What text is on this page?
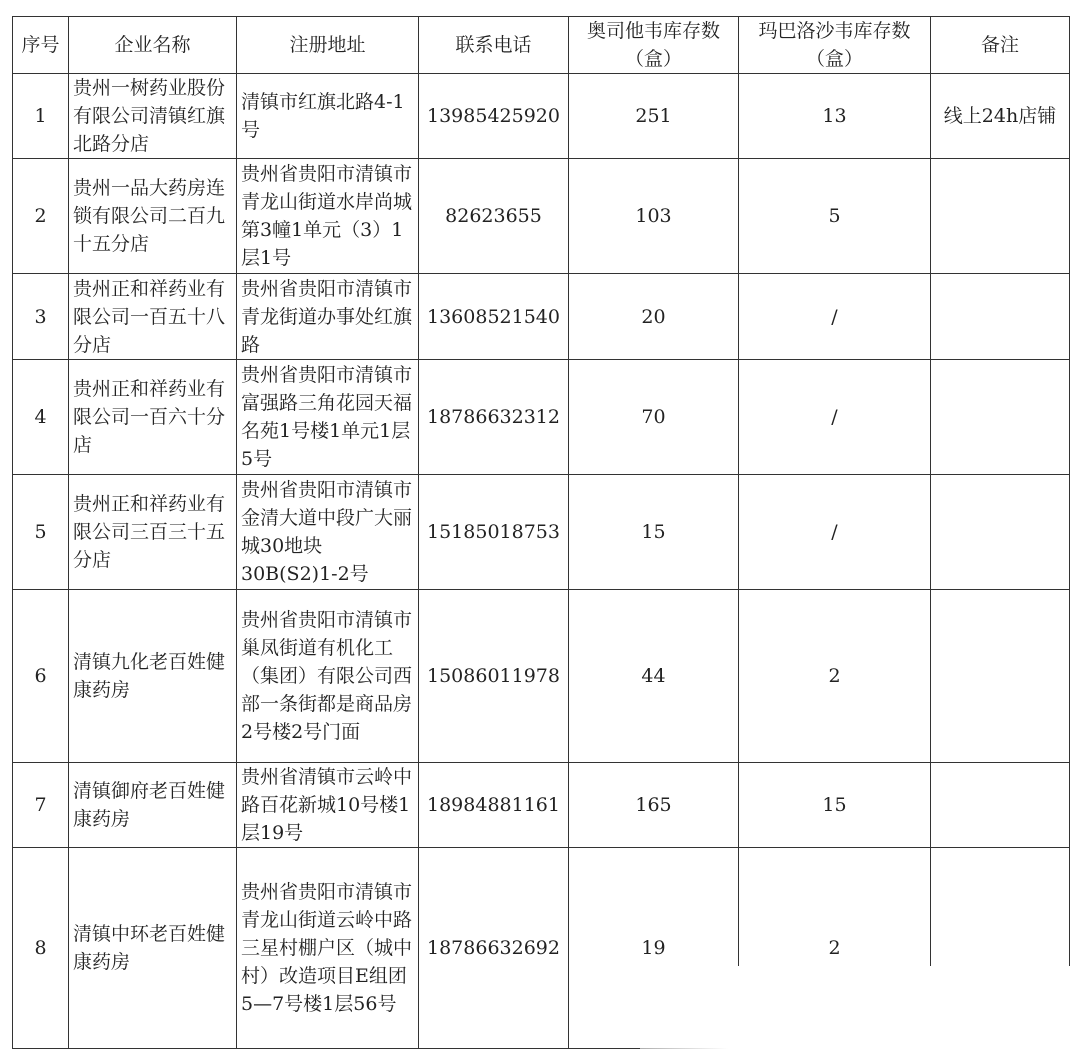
序号	企业名称	注册地址	联系电话	奥司他韦库存数（盒）	玛巴洛沙韦库存数（盒）	备注
1	贵州一树药业股份有限公司清镇红旗北路分店	清镇市红旗北路4-1号	13985425920	251	13	线上24h店铺
2	贵州一品大药房连锁有限公司二百九十五分店	贵州省贵阳市清镇市青龙山街道水岸尚城第3幢1单元（3）1层1号	82623655	103	5	
3	贵州正和祥药业有限公司一百五十八分店	贵州省贵阳市清镇市青龙街道办事处红旗路	13608521540	20	/	
4	贵州正和祥药业有限公司一百六十分店	贵州省贵阳市清镇市富强路三角花园天福名苑1号楼1单元1层5号	18786632312	70	/	
5	贵州正和祥药业有限公司三百三十五分店	贵州省贵阳市清镇市金清大道中段广大丽城30地块30B(S2)1-2号	15185018753	15	/	
6	清镇九化老百姓健康药房	贵州省贵阳市清镇市巢凤街道有机化工（集团）有限公司西部一条街都是商品房2号楼2号门面	15086011978	44	2	
7	清镇御府老百姓健康药房	贵州省清镇市云岭中路百花新城10号楼1层19号	18984881161	165	15	
8	清镇中环老百姓健康药房	贵州省贵阳市清镇市青龙山街道云岭中路三星村棚户区（城中村）改造项目E组团5—7号楼1层56号	18786632692	19	2	
